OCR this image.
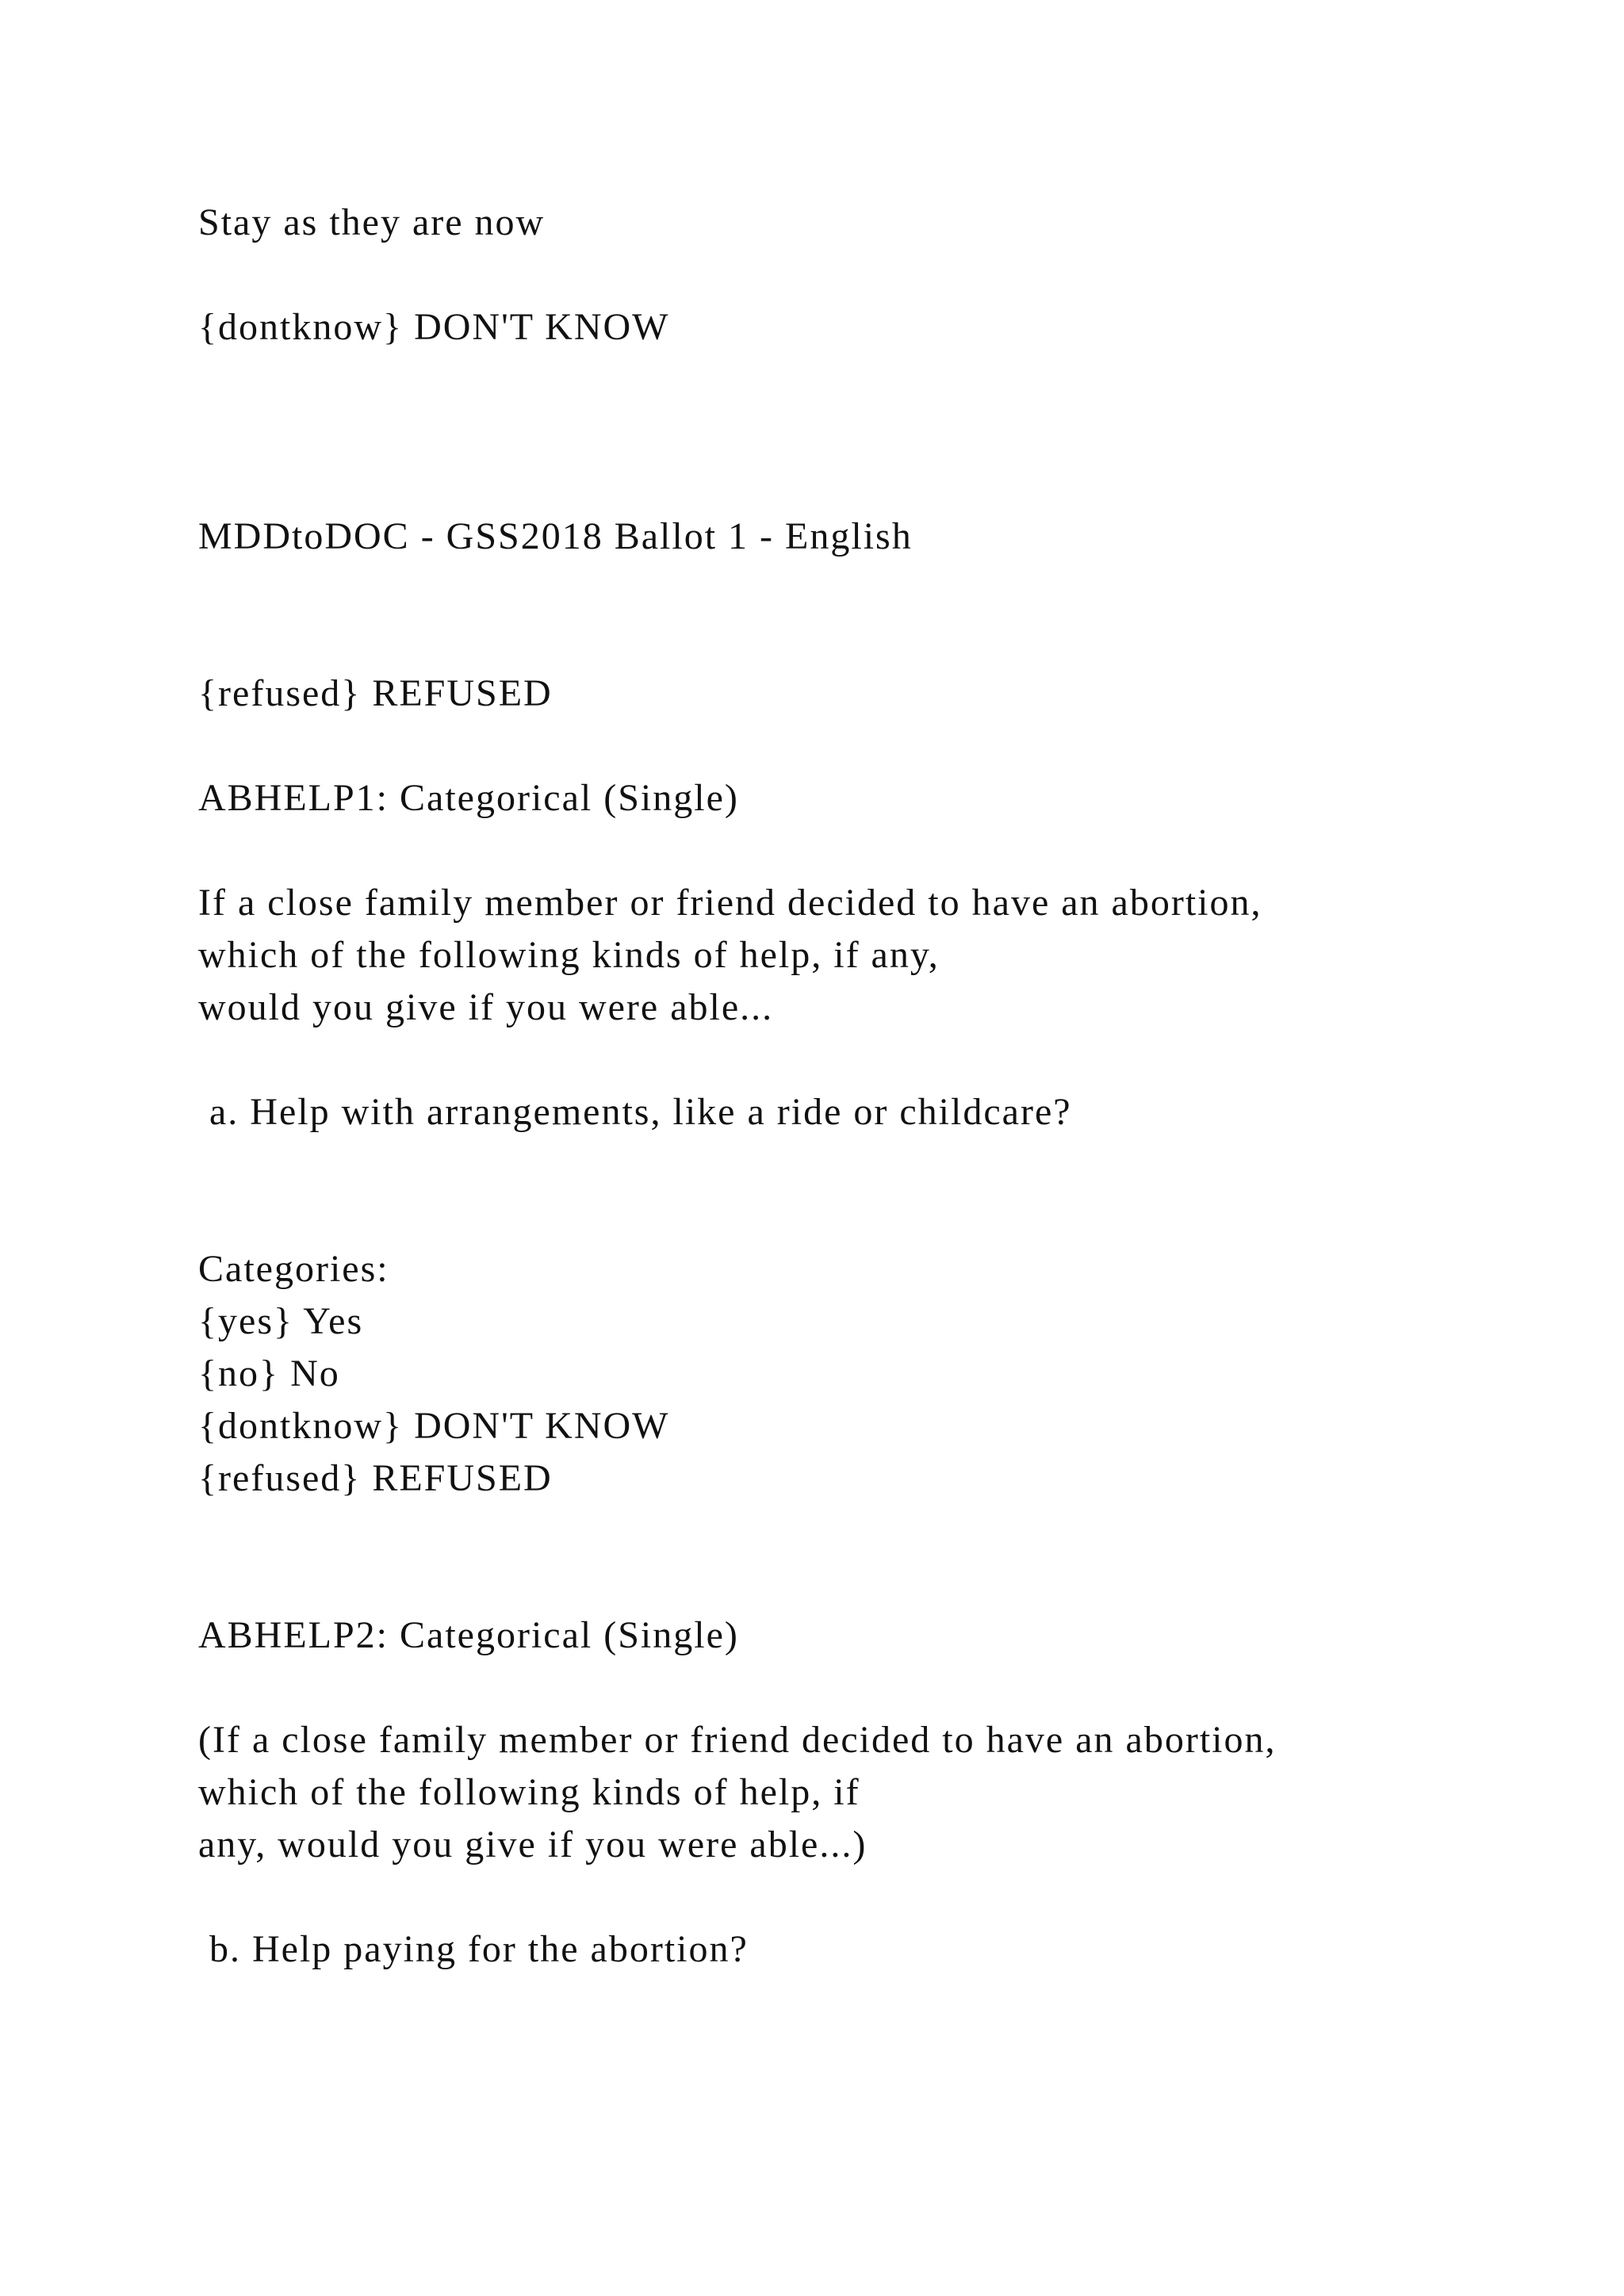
Stay as they are now
{dontknow} DON'T KNOW
MDDtoDOC - GSS2018 Ballot 1 - English
{refused} REFUSED
ABHELP1: Categorical (Single)
If a close family member or friend decided to have an abortion,
which of the following kinds of help, if any,
would you give if you were able...
a. Help with arrangements, like a ride or childcare?
Categories:
{yes} Yes
{no} No
{dontknow} DON'T KNOW
{refused} REFUSED
ABHELP2: Categorical (Single)
(If a close family member or friend decided to have an abortion,
which of the following kinds of help, if
any, would you give if you were able...)
b. Help paying for the abortion?
